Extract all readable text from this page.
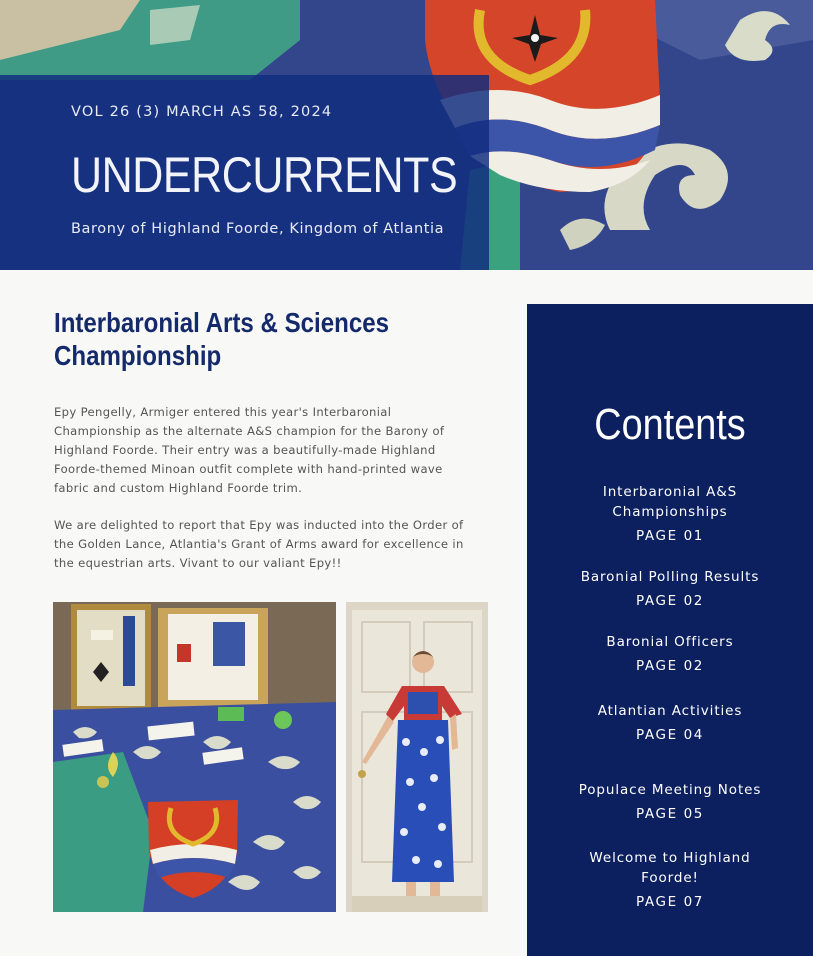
VOL 26 (3) MARCH AS 58, 2024
UNDERCURRENTS
Barony of Highland Foorde, Kingdom of Atlantia
Interbaronial Arts & Sciences
Championship
Epy Pengelly, Armiger entered this year's Interbaronial
Championship as the alternate A&S champion for the Barony of
Highland Foorde. Their entry was a beautifully-made Highland
Foorde-themed Minoan outfit complete with hand-printed wave
fabric and custom Highland Foorde trim.
We are delighted to report that Epy was inducted into the Order of
the Golden Lance, Atlantia's Grant of Arms award for excellence in
the equestrian arts. Vivant to our valiant Epy!!
Contents
Interbaronial A&S
Championships
PAGE 01
Baronial Polling Results
PAGE 02
Baronial Officers
PAGE 02
Atlantian Activities
PAGE 04
Populace Meeting Notes
PAGE 05
Welcome to Highland
Foorde!
PAGE 07
